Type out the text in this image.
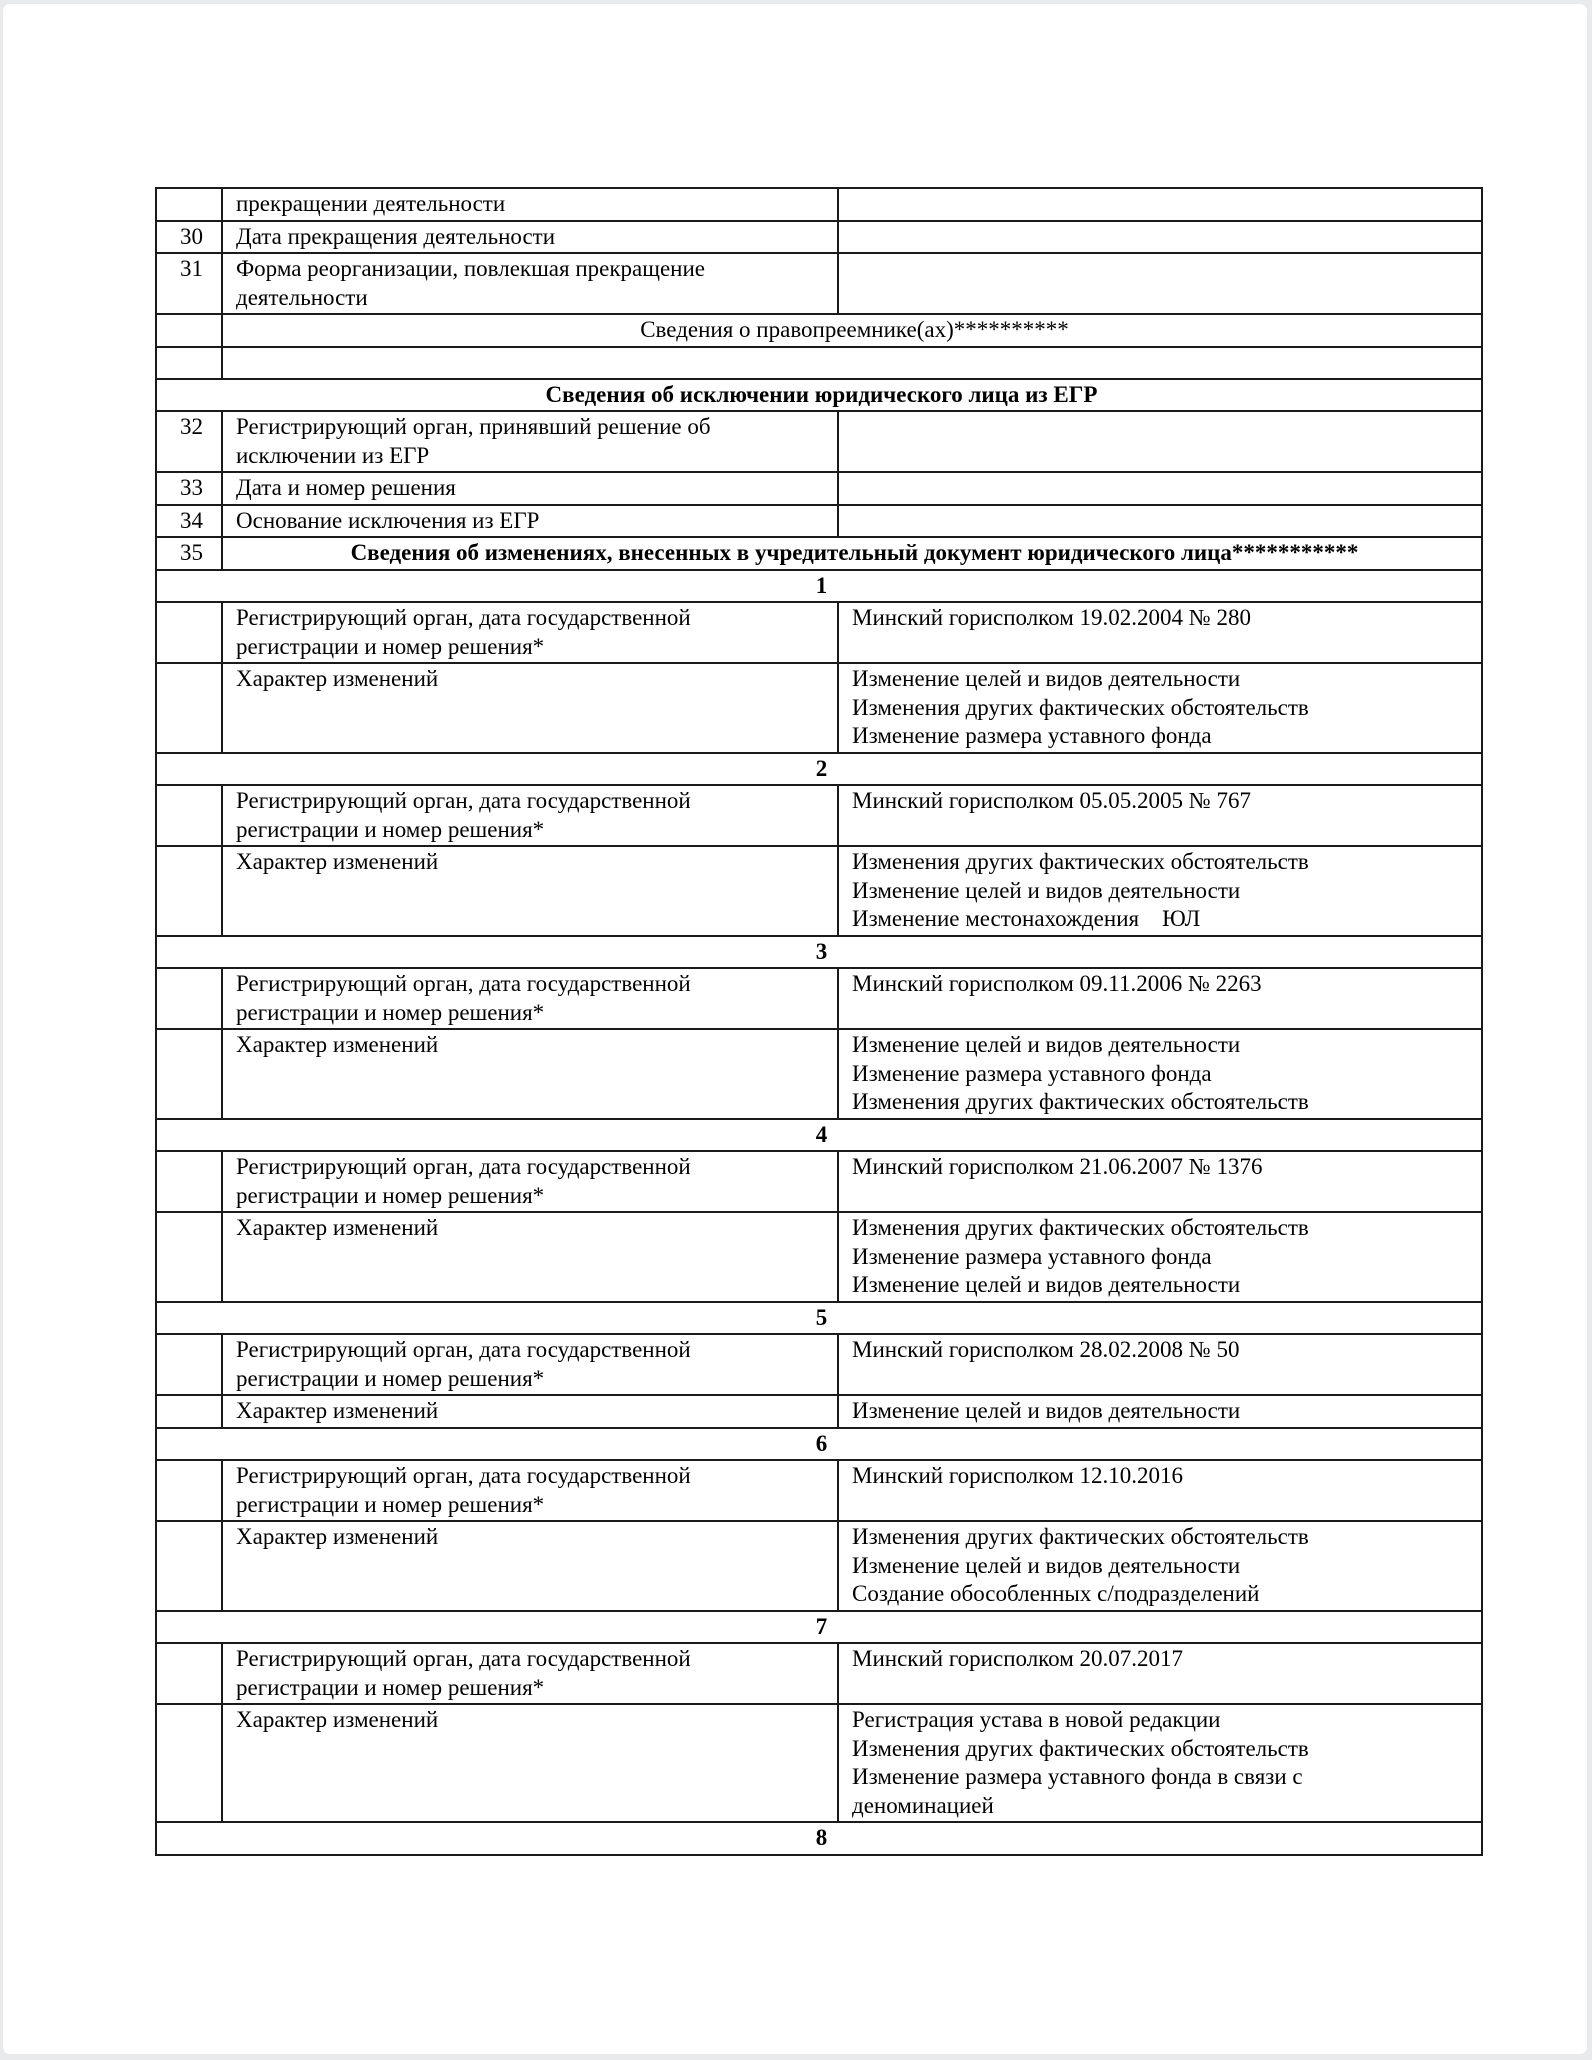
	прекращении деятельности	

30	Дата прекращения деятельности	

31	Форма реорганизации, повлекшая прекращение
деятельности	

	Сведения о правопреемнике(ах)**********	

Сведения об исключении юридического лица из ЕГР		
32	Регистрирующий орган, принявший решение об
исключении из ЕГР	

33	Дата и номер решения	

34	Основание исключения из ЕГР	

35	Сведения об изменениях, внесенных в учредительный документ юридического лица***********	
1		

	Регистрирующий орган, дата государственной
регистрации и номер решения*	Минский горисполком 19.02.2004 № 280

	Характер изменений	Изменение целей и видов деятельности
Изменения других фактических обстоятельств
Изменение размера уставного фонда

2		

	Регистрирующий орган, дата государственной
регистрации и номер решения*	Минский горисполком 05.05.2005 № 767

	Характер изменений	Изменения других фактических обстоятельств
Изменение целей и видов деятельности
Изменение местонахождения    ЮЛ

3		

	Регистрирующий орган, дата государственной
регистрации и номер решения*	Минский горисполком 09.11.2006 № 2263

	Характер изменений	Изменение целей и видов деятельности
Изменение размера уставного фонда
Изменения других фактических обстоятельств

4		

	Регистрирующий орган, дата государственной
регистрации и номер решения*	Минский горисполком 21.06.2007 № 1376

	Характер изменений	Изменения других фактических обстоятельств
Изменение размера уставного фонда
Изменение целей и видов деятельности

5		

	Регистрирующий орган, дата государственной
регистрации и номер решения*	Минский горисполком 28.02.2008 № 50

	Характер изменений	Изменение целей и видов деятельности

6		

	Регистрирующий орган, дата государственной
регистрации и номер решения*	Минский горисполком 12.10.2016

	Характер изменений	Изменения других фактических обстоятельств
Изменение целей и видов деятельности
Создание обособленных с/подразделений

7		

	Регистрирующий орган, дата государственной
регистрации и номер решения*	Минский горисполком 20.07.2017

	Характер изменений	Регистрация устава в новой редакции
Изменения других фактических обстоятельств
Изменение размера уставного фонда в связи с
деноминацией

8		
